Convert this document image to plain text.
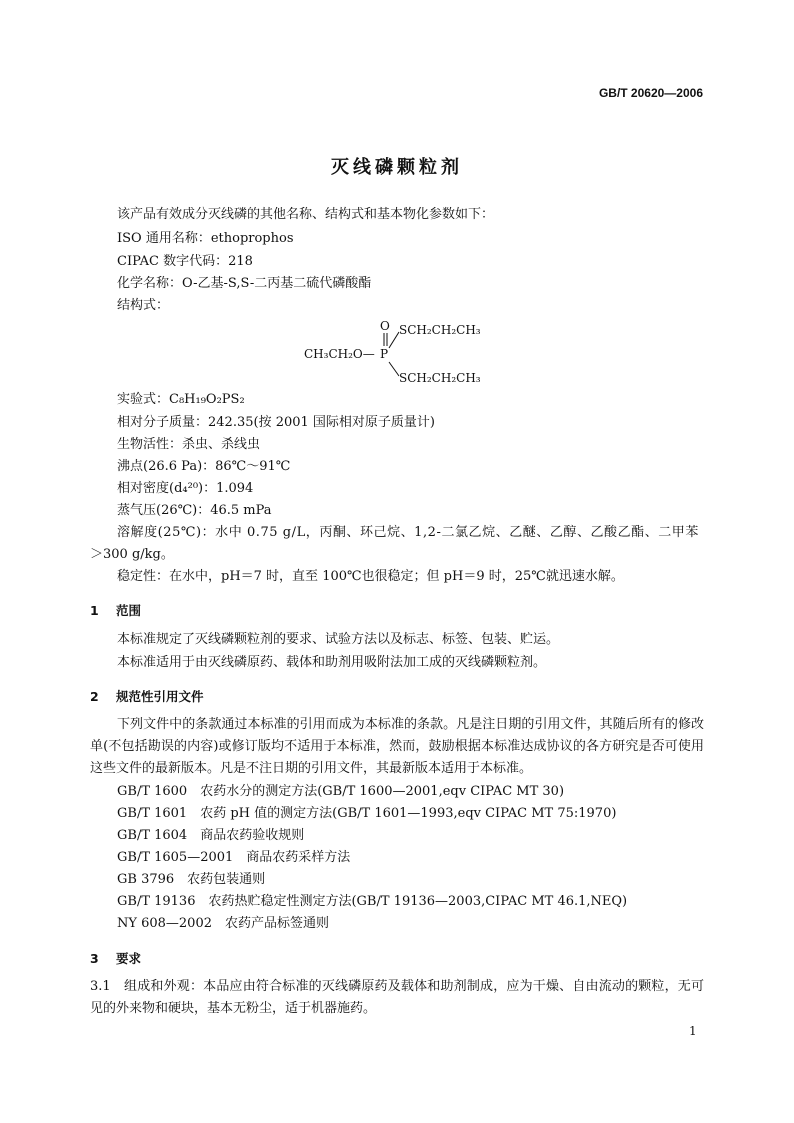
GB/T 20620—2006
灭线磷颗粒剂
该产品有效成分灭线磷的其他名称、结构式和基本物化参数如下：
ISO 通用名称：ethoprophos
CIPAC 数字代码：218
化学名称：O-乙基-S,S-二丙基二硫代磷酸酯
结构式：
O SCH₂CH₂CH₃
CH₃CH₂O— P
SCH₂CH₂CH₃
实验式：C₈H₁₉O₂PS₂
相对分子质量：242.35(按 2001 国际相对原子质量计)
生物活性：杀虫、杀线虫
沸点(26.6 Pa)：86℃～91℃
相对密度(d₄²⁰)：1.094
蒸气压(26℃)：46.5 mPa
溶解度(25℃)：水中 0.75 g/L，丙酮、环己烷、1,2-二氯乙烷、乙醚、乙醇、乙酸乙酯、二甲苯
＞300 g/kg。
稳定性：在水中，pH＝7 时，直至 100℃也很稳定；但 pH＝9 时，25℃就迅速水解。
1 范围
本标准规定了灭线磷颗粒剂的要求、试验方法以及标志、标签、包装、贮运。
本标准适用于由灭线磷原药、载体和助剂用吸附法加工成的灭线磷颗粒剂。
2 规范性引用文件
下列文件中的条款通过本标准的引用而成为本标准的条款。凡是注日期的引用文件，其随后所有的修改单(不包括勘误的内容)或修订版均不适用于本标准，然而，鼓励根据本标准达成协议的各方研究是否可使用这些文件的最新版本。凡是不注日期的引用文件，其最新版本适用于本标准。
GB/T 1600　农药水分的测定方法(GB/T 1600—2001,eqv CIPAC MT 30)
GB/T 1601　农药 pH 值的测定方法(GB/T 1601—1993,eqv CIPAC MT 75:1970)
GB/T 1604　商品农药验收规则
GB/T 1605—2001　商品农药采样方法
GB 3796　农药包装通则
GB/T 19136　农药热贮稳定性测定方法(GB/T 19136—2003,CIPAC MT 46.1,NEQ)
NY 608—2002　农药产品标签通则
3 要求
3.1　组成和外观：本品应由符合标准的灭线磷原药及载体和助剂制成，应为干燥、自由流动的颗粒，无可见的外来物和硬块，基本无粉尘，适于机器施药。
1
